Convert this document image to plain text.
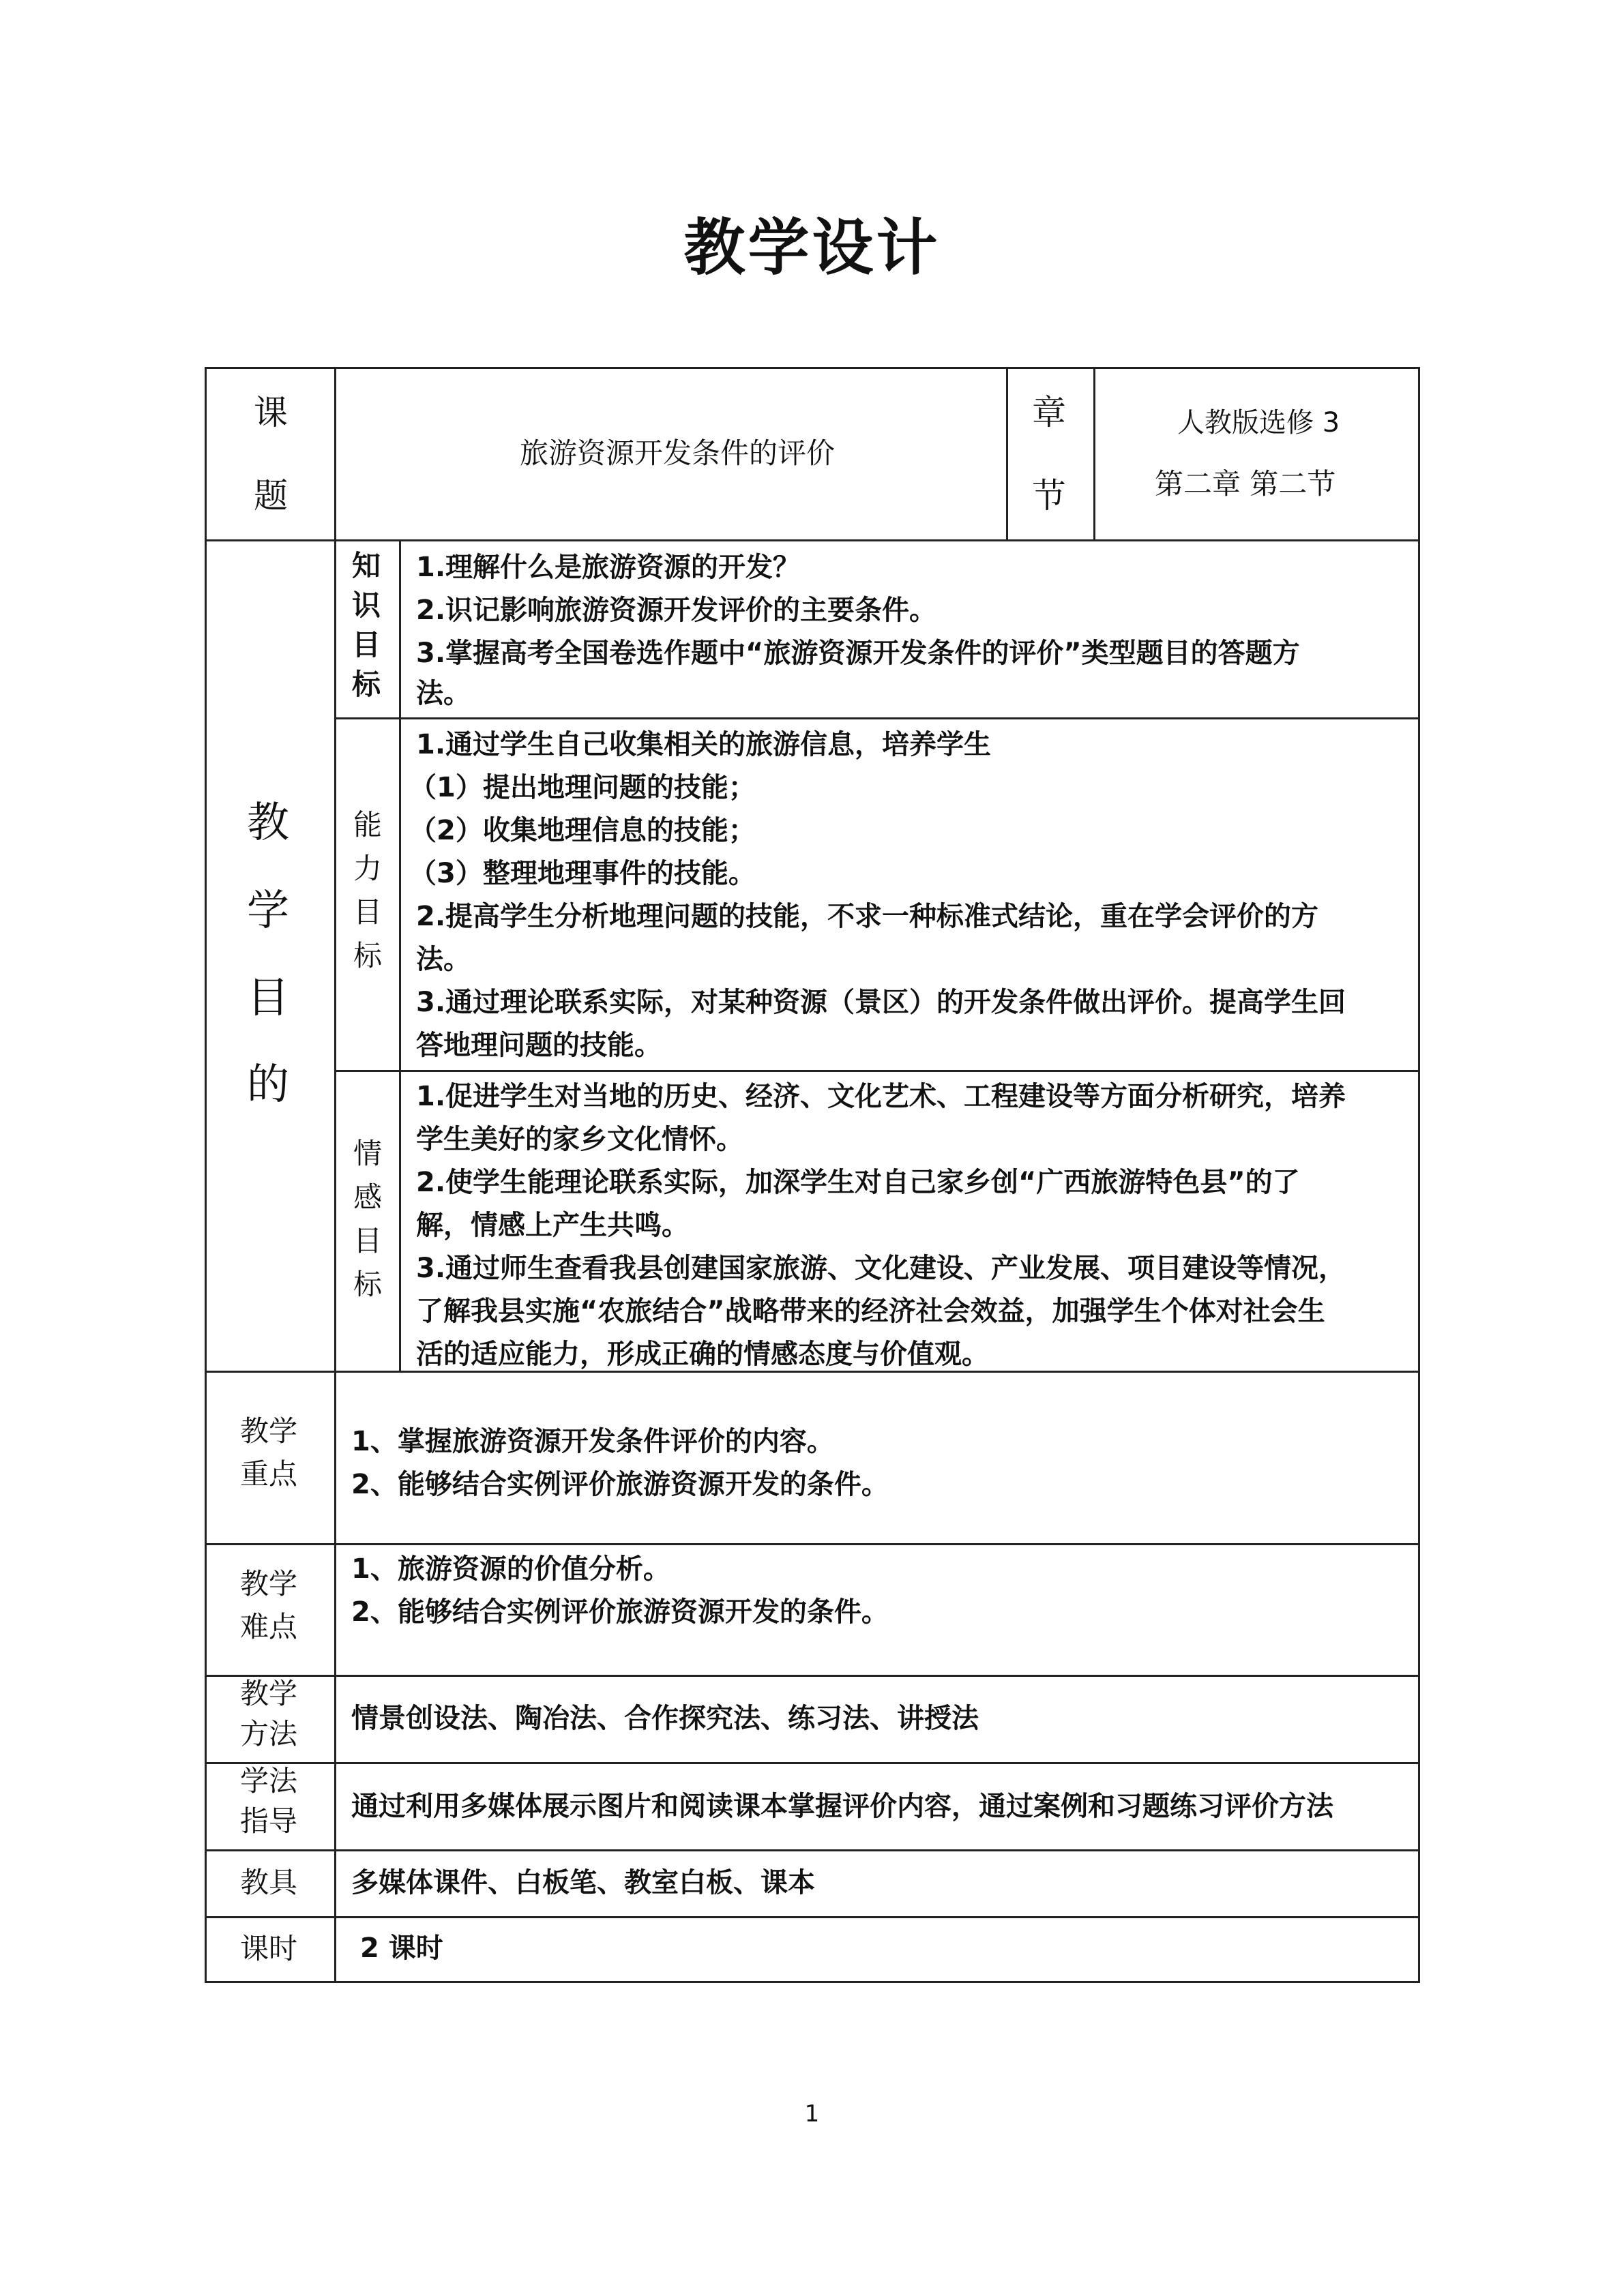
教学设计
课
题
旅游资源开发条件的评价
章
节
人教版选修 3
第二章 第二节
教
学
目
的
知
识
目
标
1.理解什么是旅游资源的开发？
2.识记影响旅游资源开发评价的主要条件。
3.掌握高考全国卷选作题中“旅游资源开发条件的评价”类型题目的答题方
法。
能
力
目
标
1.通过学生自己收集相关的旅游信息，培养学生
（1）提出地理问题的技能；
（2）收集地理信息的技能；
（3）整理地理事件的技能。
2.提高学生分析地理问题的技能，不求一种标准式结论，重在学会评价的方
法。
3.通过理论联系实际，对某种资源（景区）的开发条件做出评价。提高学生回
答地理问题的技能。
情
感
目
标
1.促进学生对当地的历史、经济、文化艺术、工程建设等方面分析研究，培养
学生美好的家乡文化情怀。
2.使学生能理论联系实际，加深学生对自己家乡创“广西旅游特色县”的了
解，情感上产生共鸣。
3.通过师生查看我县创建国家旅游、文化建设、产业发展、项目建设等情况，
了解我县实施“农旅结合”战略带来的经济社会效益，加强学生个体对社会生
活的适应能力，形成正确的情感态度与价值观。
教学
重点
1、掌握旅游资源开发条件评价的内容。
2、能够结合实例评价旅游资源开发的条件。
教学
难点
1、旅游资源的价值分析。
2、能够结合实例评价旅游资源开发的条件。
教学
方法 情景创设法、陶冶法、合作探究法、练习法、讲授法
学法
指导 通过利用多媒体展示图片和阅读课本掌握评价内容，通过案例和习题练习评价方法
教具 多媒体课件、白板笔、教室白板、课本
课时 2 课时
1
